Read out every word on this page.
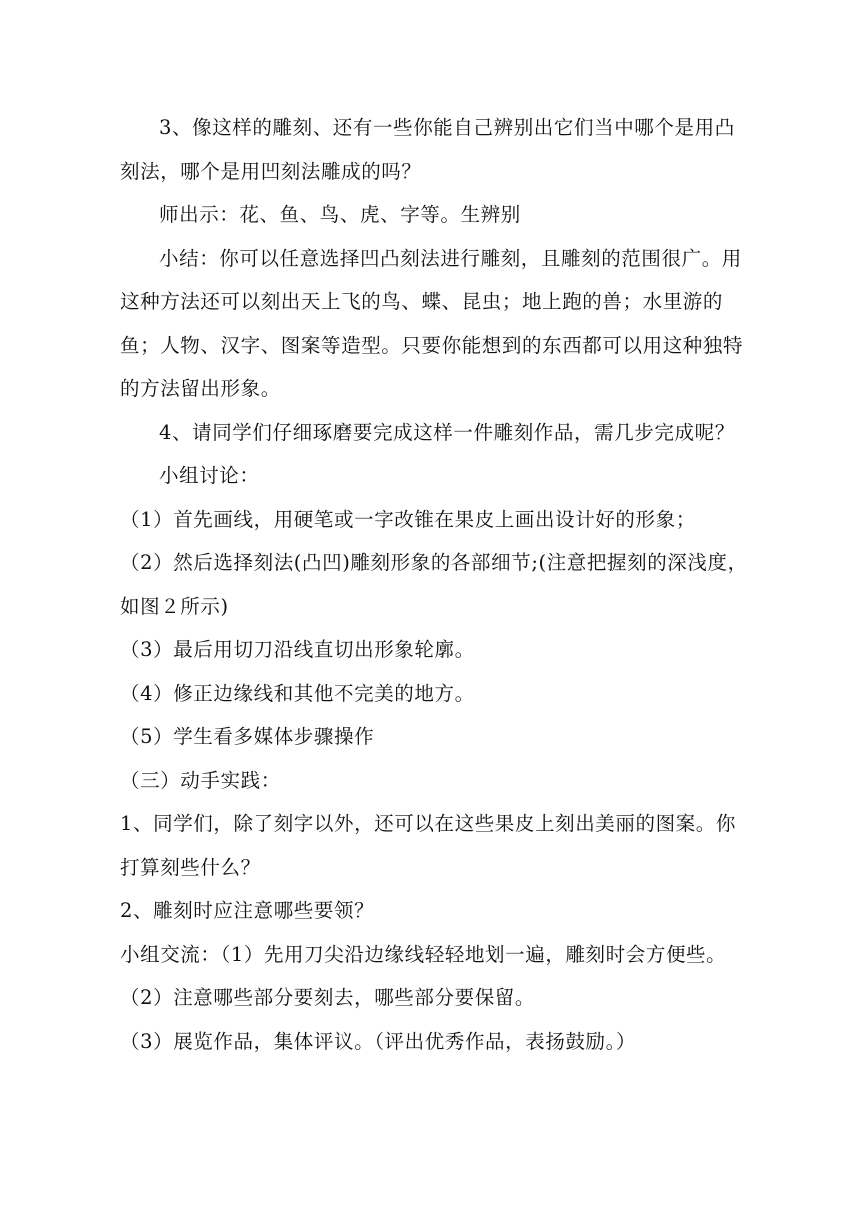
3、像这样的雕刻、还有一些你能自己辨别出它们当中哪个是用凸刻法，哪个是用凹刻法雕成的吗？

师出示：花、鱼、鸟、虎、字等。生辨别

小结：你可以任意选择凹凸刻法进行雕刻，且雕刻的范围很广。用这种方法还可以刻出天上飞的鸟、蝶、昆虫；地上跑的兽；水里游的鱼；人物、汉字、图案等造型。只要你能想到的东西都可以用这种独特的方法留出形象。

4、请同学们仔细琢磨要完成这样一件雕刻作品，需几步完成呢？

小组讨论：

（1）首先画线，用硬笔或一字改锥在果皮上画出设计好的形象；

（2）然后选择刻法(凸凹)雕刻形象的各部细节;(注意把握刻的深浅度，如图２所示)

（3）最后用切刀沿线直切出形象轮廓。

（4）修正边缘线和其他不完美的地方。

（5）学生看多媒体步骤操作

（三）动手实践：

1、同学们，除了刻字以外，还可以在这些果皮上刻出美丽的图案。你打算刻些什么？

2、雕刻时应注意哪些要领？

小组交流：（1）先用刀尖沿边缘线轻轻地划一遍，雕刻时会方便些。

（2）注意哪些部分要刻去，哪些部分要保留。

（3）展览作品，集体评议。（评出优秀作品，表扬鼓励。）
